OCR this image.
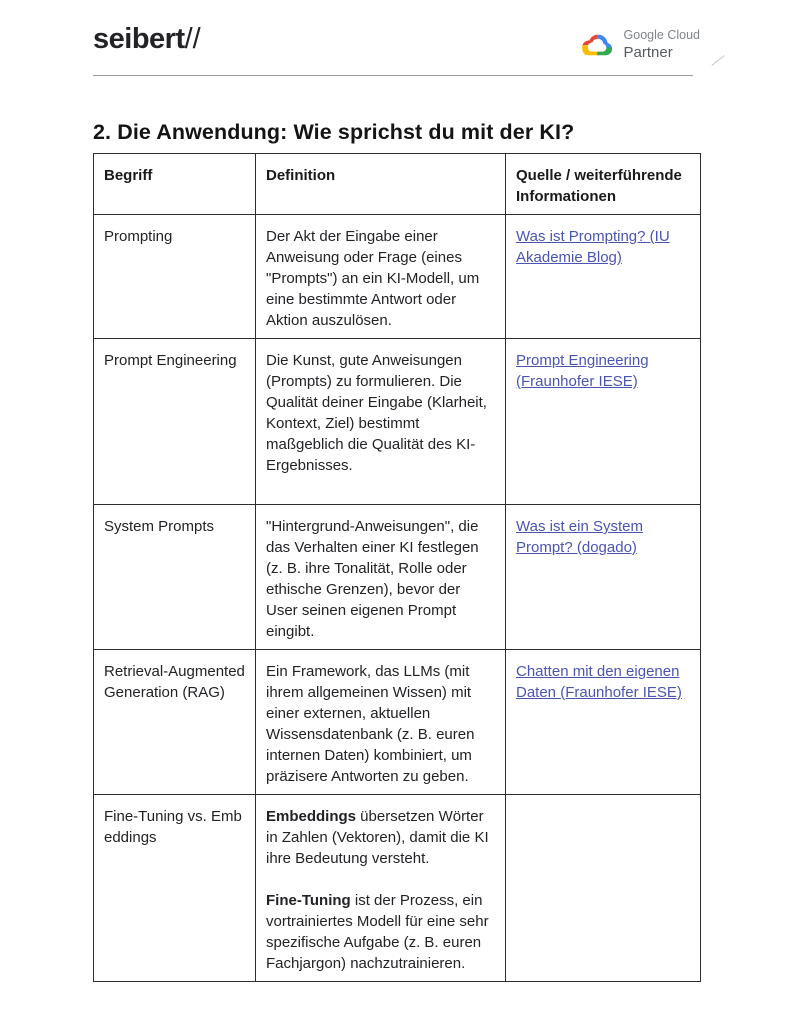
seibert//	Google Cloud
Partner
2. Die Anwendung: Wie sprichst du mit der KI?
Begriff	Definition	Quelle / weiterführende Informationen
Prompting	Der Akt der Eingabe einer Anweisung oder Frage (eines "Prompts") an ein KI-Modell, um eine bestimmte Antwort oder Aktion auszulösen.	Was ist Prompting? (IU Akademie Blog)
Prompt Engineering	Die Kunst, gute Anweisungen (Prompts) zu formulieren. Die Qualität deiner Eingabe (Klarheit, Kontext, Ziel) bestimmt maßgeblich die Qualität des KI-Ergebnisses.	Prompt Engineering (Fraunhofer IESE)
System Prompts	"Hintergrund-Anweisungen", die das Verhalten einer KI festlegen (z. B. ihre Tonalität, Rolle oder ethische Grenzen), bevor der User seinen eigenen Prompt eingibt.	Was ist ein System Prompt? (dogado)
Retrieval-Augmented Generation (RAG)	Ein Framework, das LLMs (mit ihrem allgemeinen Wissen) mit einer externen, aktuellen Wissensdatenbank (z. B. euren internen Daten) kombiniert, um präzisere Antworten zu geben.	Chatten mit den eigenen Daten (Fraunhofer IESE)
Fine-Tuning vs. Embeddings	Embeddings übersetzen Wörter in Zahlen (Vektoren), damit die KI ihre Bedeutung versteht.

Fine-Tuning ist der Prozess, ein vortrainiertes Modell für eine sehr spezifische Aufgabe (z. B. euren Fachjargon) nachzutrainieren.	
